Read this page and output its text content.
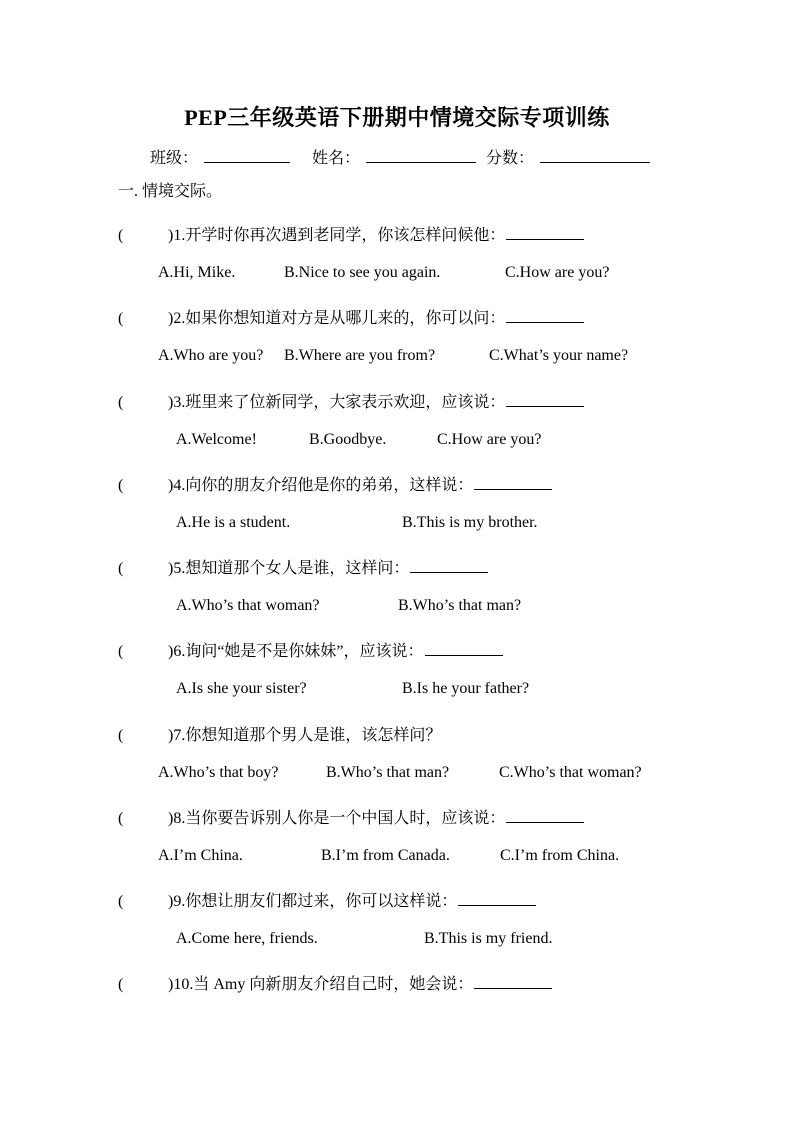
PEP三年级英语下册期中情境交际专项训练
班级：	姓名：	分数：
一. 情境交际。
(	)1.开学时你再次遇到老同学，你该怎样问候他：
A.Hi, Mike.	B.Nice to see you again.	C.How are you?
(	)2.如果你想知道对方是从哪儿来的，你可以问：
A.Who are you? B.Where are you from?	C.What’s your name?
(	)3.班里来了位新同学，大家表示欢迎，应该说：
A.Welcome!	B.Goodbye.	C.How are you?
(	)4.向你的朋友介绍他是你的弟弟，这样说：
A.He is a student.	B.This is my brother.
(	)5.想知道那个女人是谁，这样问：
A.Who’s that woman?	B.Who’s that man?
(	)6.询问“她是不是你妹妹”，应该说：
A.Is she your sister?	B.Is he your father?
(	)7.你想知道那个男人是谁，该怎样问？
A.Who’s that boy?	B.Who’s that man?	C.Who’s that woman?
(	)8.当你要告诉别人你是一个中国人时，应该说：
A.I’m China.	B.I’m from Canada.	C.I’m from China.
(	)9.你想让朋友们都过来，你可以这样说：
A.Come here, friends.	B.This is my friend.
(	)10.当 Amy 向新朋友介绍自己时，她会说：
